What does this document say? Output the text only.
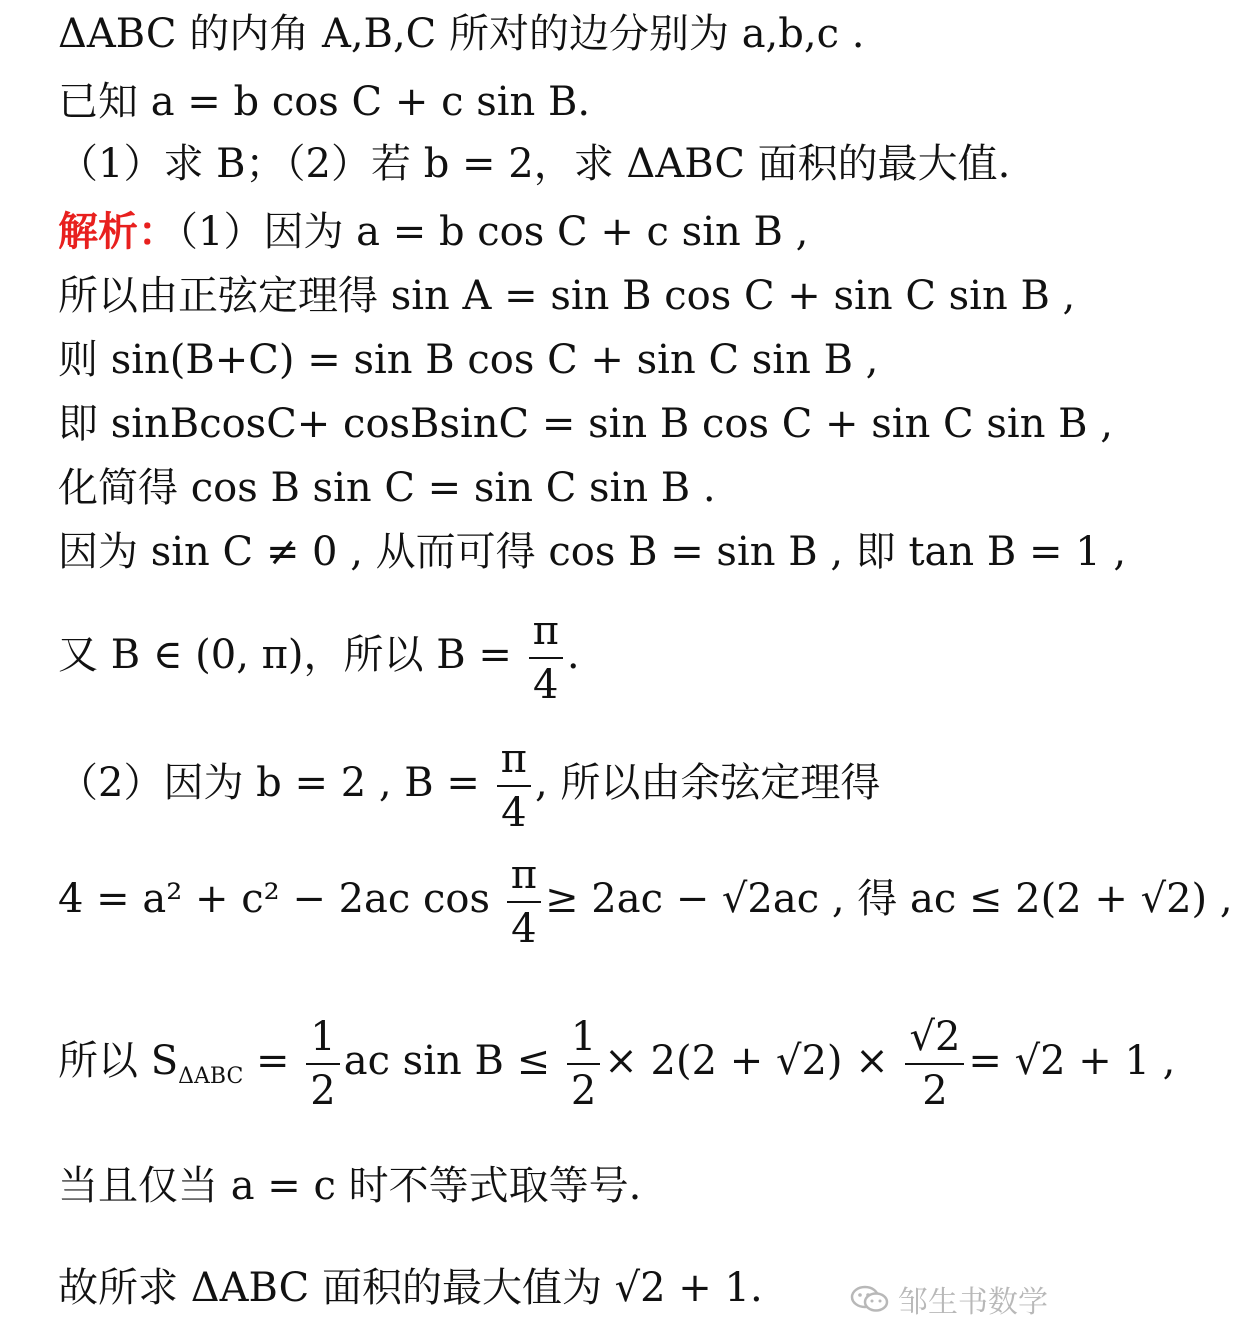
ΔABC 的内角 A,B,C 所对的边分别为 a,b,c .
已知 a = b cos C + c sin B.
（1）求 B；（2）若 b = 2，求 ΔABC 面积的最大值.
解析：（1）因为 a = b cos C + c sin B ,
所以由正弦定理得 sin A = sin B cos C + sin C sin B ,
则 sin(B+C) = sin B cos C + sin C sin B ,
即 sinBcosC+ cosBsinC = sin B cos C + sin C sin B ,
化简得 cos B sin C = sin C sin B .
因为 sin C ≠ 0 , 从而可得 cos B = sin B , 即 tan B = 1 ,
又 B ∈ (0, π)，所以 $B = \frac{\pi}{4}$ .
（2）因为 b = 2 , $B = \frac{\pi}{4}$ , 所以由余弦定理得
4 = a² + c² − 2ac $\cos \frac{\pi}{4} \ge 2ac - √2ac$ , 得 ac ≤ 2(2 + √2) ,
所以 $S_{\Delta ABC} = \frac{1}{2}$ ac $\sin B \le \frac{1}{2} \times 2(2 + √2) \times \frac{√2}{2} = √2 + 1$ ,
当且仅当 a = c 时不等式取等号.
故所求 ΔABC 面积的最大值为 √2 + 1.	邹生书数学
